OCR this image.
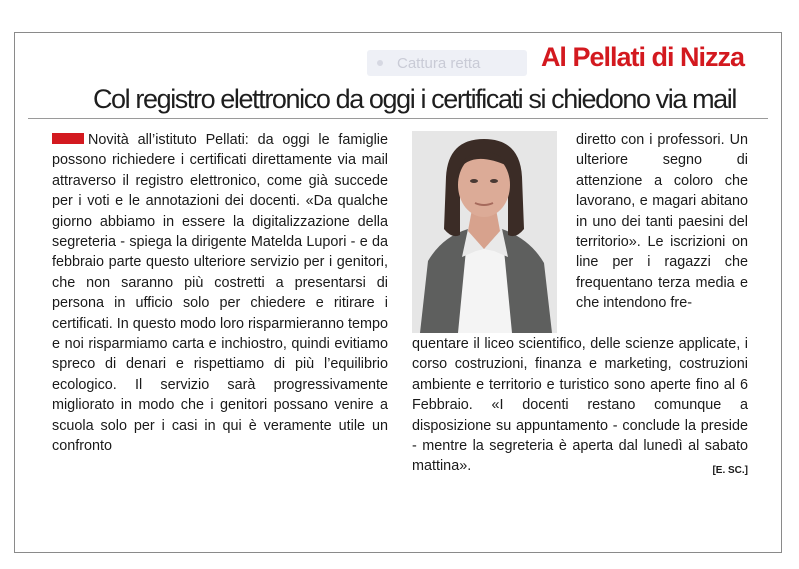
Cattura retta	Al Pellati di Nizza
Col registro elettronico da oggi i certificati si chiedono via mail
Novità all’istituto Pellati: da oggi le famiglie possono richiedere i certificati direttamente via mail attraverso il registro elettronico, come già succede per i voti e le annotazioni dei docenti. «Da qualche giorno abbiamo in essere la digitalizzazione della segreteria - spiega la dirigente Matelda Lupori - e da febbraio parte questo ulteriore servizio per i genitori, che non saranno più costretti a presentarsi di persona in ufficio solo per chiedere e ritirare i certificati. In questo modo loro risparmieranno tempo e noi risparmiamo carta e inchiostro, quindi evitiamo spreco di denari e rispettiamo di più l’equilibrio ecologico. Il servizio sarà progressivamente migliorato in modo che i genitori possano venire a scuola solo per i casi in qui è veramente utile un confronto
diretto con i professori. Un ulteriore segno di attenzione a coloro che lavorano, e magari abitano in uno dei tanti paesini del territorio». Le iscrizioni on line per i ragazzi che frequentano terza media e che intendono fre-
quentare il liceo scientifico, delle scienze applicate, i corso costruzioni, finanza e marketing, costruzioni ambiente e territorio e turistico sono aperte fino al 6 Febbraio. «I docenti restano comunque a disposizione su appuntamento - conclude la preside - mentre la segreteria è aperta dal lunedì al sabato mattina».	[E. SC.]
